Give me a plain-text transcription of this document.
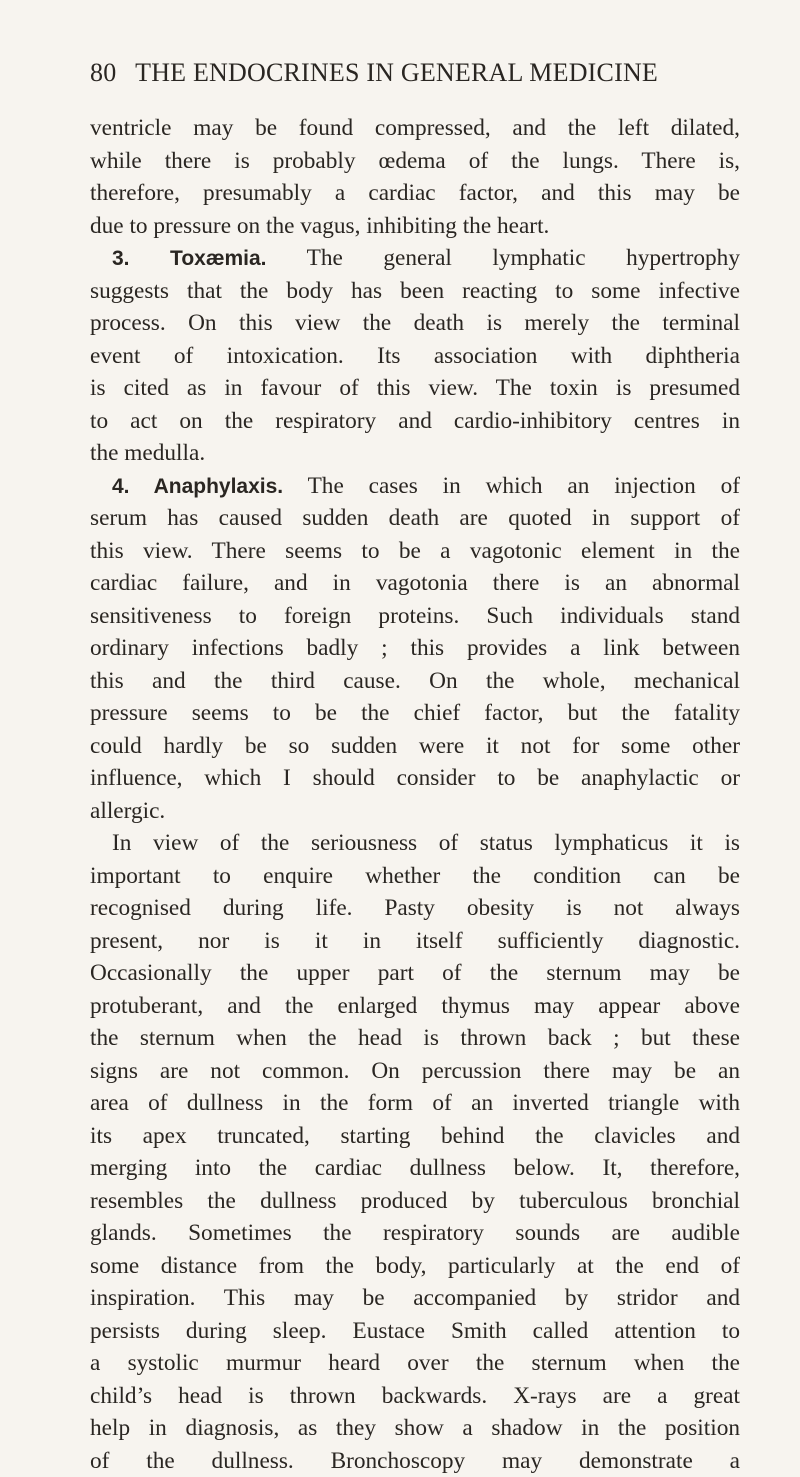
80 THE ENDOCRINES IN GENERAL MEDICINE
ventricle may be found compressed, and the left dilated,
while there is probably œdema of the lungs. There is,
therefore, presumably a cardiac factor, and this may be
due to pressure on the vagus, inhibiting the heart.
3. Toxæmia. The general lymphatic hypertrophy
suggests that the body has been reacting to some infective
process. On this view the death is merely the terminal
event of intoxication. Its association with diphtheria
is cited as in favour of this view. The toxin is presumed
to act on the respiratory and cardio-inhibitory centres in
the medulla.
4. Anaphylaxis. The cases in which an injection of
serum has caused sudden death are quoted in support of
this view. There seems to be a vagotonic element in the
cardiac failure, and in vagotonia there is an abnormal
sensitiveness to foreign proteins. Such individuals stand
ordinary infections badly ; this provides a link between
this and the third cause. On the whole, mechanical
pressure seems to be the chief factor, but the fatality
could hardly be so sudden were it not for some other
influence, which I should consider to be anaphylactic or
allergic.
In view of the seriousness of status lymphaticus it is
important to enquire whether the condition can be
recognised during life. Pasty obesity is not always
present, nor is it in itself sufficiently diagnostic.
Occasionally the upper part of the sternum may be
protuberant, and the enlarged thymus may appear above
the sternum when the head is thrown back ; but these
signs are not common. On percussion there may be an
area of dullness in the form of an inverted triangle with
its apex truncated, starting behind the clavicles and
merging into the cardiac dullness below. It, therefore,
resembles the dullness produced by tuberculous bronchial
glands. Sometimes the respiratory sounds are audible
some distance from the body, particularly at the end of
inspiration. This may be accompanied by stridor and
persists during sleep. Eustace Smith called attention to
a systolic murmur heard over the sternum when the
child’s head is thrown backwards. X-rays are a great
help in diagnosis, as they show a shadow in the position
of the dullness. Bronchoscopy may demonstrate a
